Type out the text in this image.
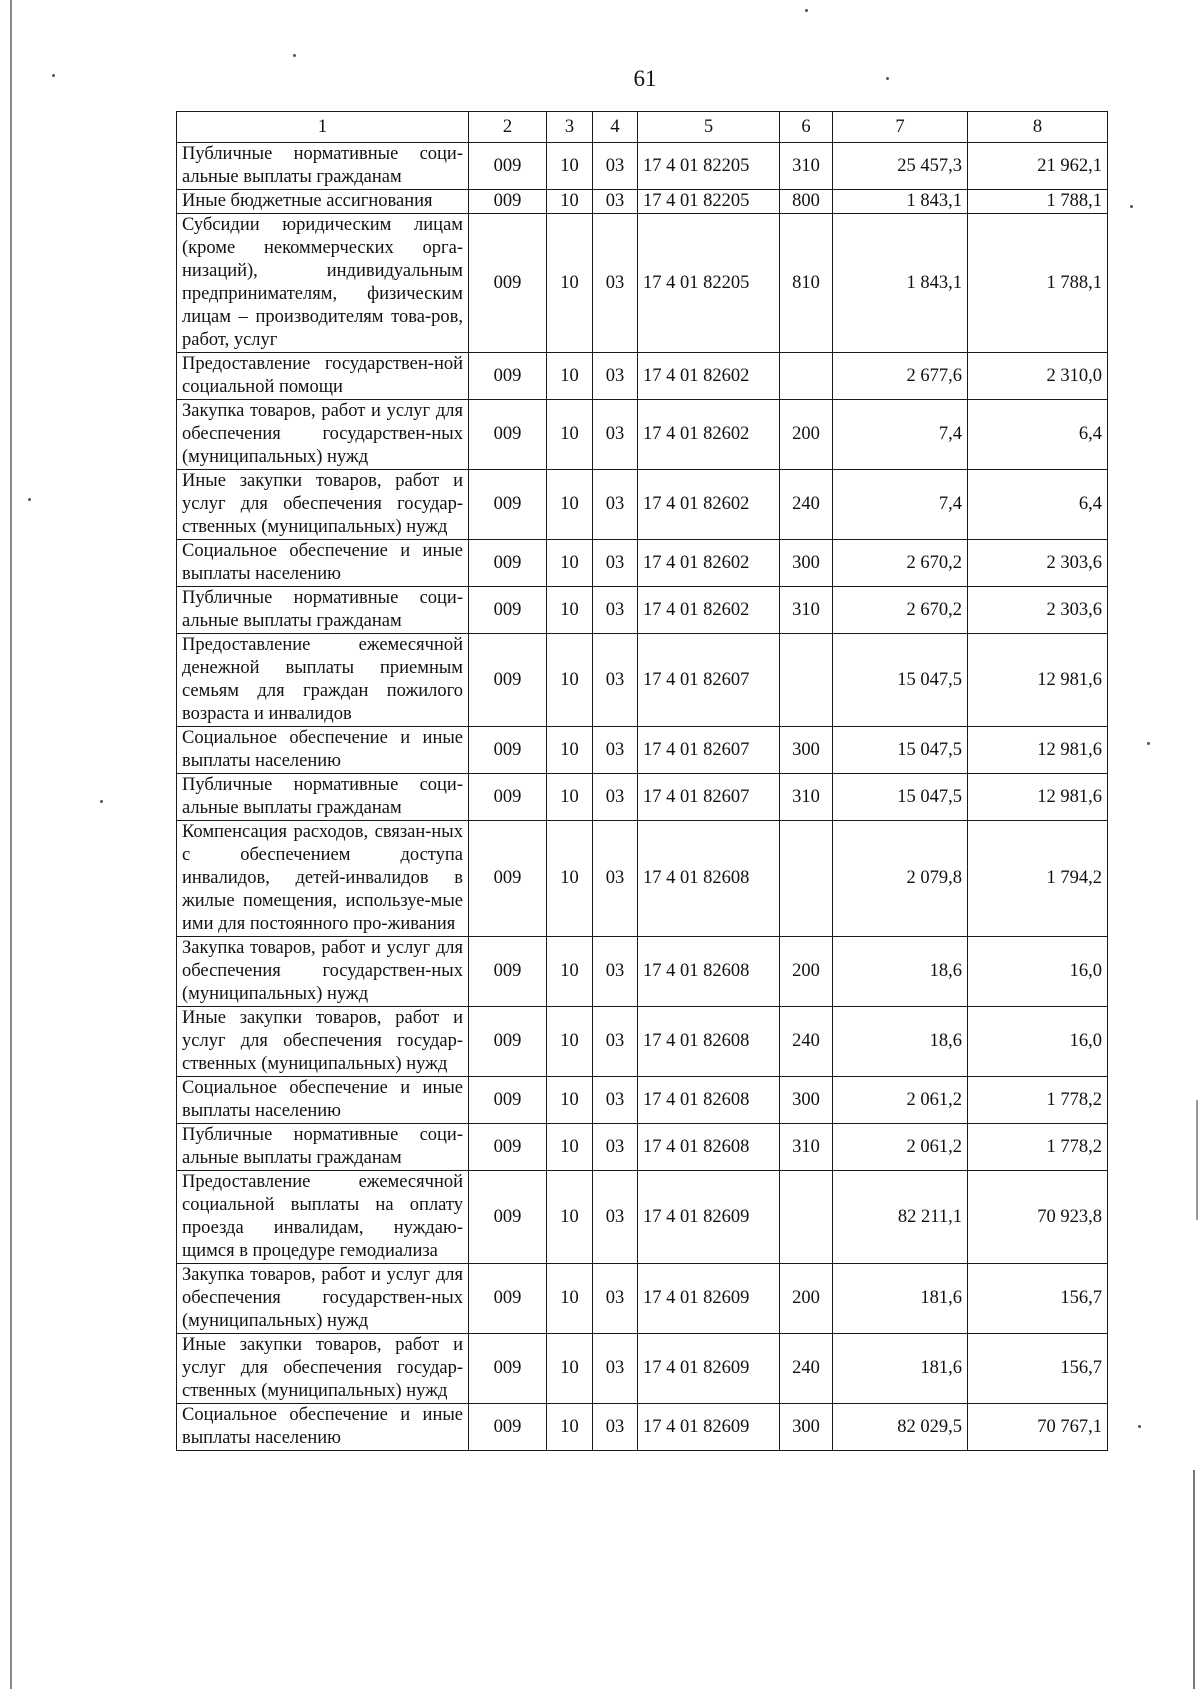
61
1	2	3	4	5	6	7	8
Публичные нормативные соци-альные выплаты гражданам	009	10	03	17 4 01 82205	310	25 457,3	21 962,1
Иные бюджетные ассигнования	009	10	03	17 4 01 82205	800	1 843,1	1 788,1
Субсидии юридическим лицам (кроме некоммерческих орга-низаций), индивидуальным предпринимателям, физическим лицам – производителям това-ров, работ, услуг	009	10	03	17 4 01 82205	810	1 843,1	1 788,1
Предоставление государствен-ной социальной помощи	009	10	03	17 4 01 82602		2 677,6	2 310,0
Закупка товаров, работ и услуг для обеспечения государствен-ных (муниципальных) нужд	009	10	03	17 4 01 82602	200	7,4	6,4
Иные закупки товаров, работ и услуг для обеспечения государ-ственных (муниципальных) нужд	009	10	03	17 4 01 82602	240	7,4	6,4
Социальное обеспечение и иные выплаты населению	009	10	03	17 4 01 82602	300	2 670,2	2 303,6
Публичные нормативные соци-альные выплаты гражданам	009	10	03	17 4 01 82602	310	2 670,2	2 303,6
Предоставление ежемесячной денежной выплаты приемным семьям для граждан пожилого возраста и инвалидов	009	10	03	17 4 01 82607		15 047,5	12 981,6
Социальное обеспечение и иные выплаты населению	009	10	03	17 4 01 82607	300	15 047,5	12 981,6
Публичные нормативные соци-альные выплаты гражданам	009	10	03	17 4 01 82607	310	15 047,5	12 981,6
Компенсация расходов, связан-ных с обеспечением доступа инвалидов, детей-инвалидов в жилые помещения, используе-мые ими для постоянного про-живания	009	10	03	17 4 01 82608		2 079,8	1 794,2
Закупка товаров, работ и услуг для обеспечения государствен-ных (муниципальных) нужд	009	10	03	17 4 01 82608	200	18,6	16,0
Иные закупки товаров, работ и услуг для обеспечения государ-ственных (муниципальных) нужд	009	10	03	17 4 01 82608	240	18,6	16,0
Социальное обеспечение и иные выплаты населению	009	10	03	17 4 01 82608	300	2 061,2	1 778,2
Публичные нормативные соци-альные выплаты гражданам	009	10	03	17 4 01 82608	310	2 061,2	1 778,2
Предоставление ежемесячной социальной выплаты на оплату проезда инвалидам, нуждаю-щимся в процедуре гемодиализа	009	10	03	17 4 01 82609		82 211,1	70 923,8
Закупка товаров, работ и услуг для обеспечения государствен-ных (муниципальных) нужд	009	10	03	17 4 01 82609	200	181,6	156,7
Иные закупки товаров, работ и услуг для обеспечения государ-ственных (муниципальных) нужд	009	10	03	17 4 01 82609	240	181,6	156,7
Социальное обеспечение и иные выплаты населению	009	10	03	17 4 01 82609	300	82 029,5	70 767,1
